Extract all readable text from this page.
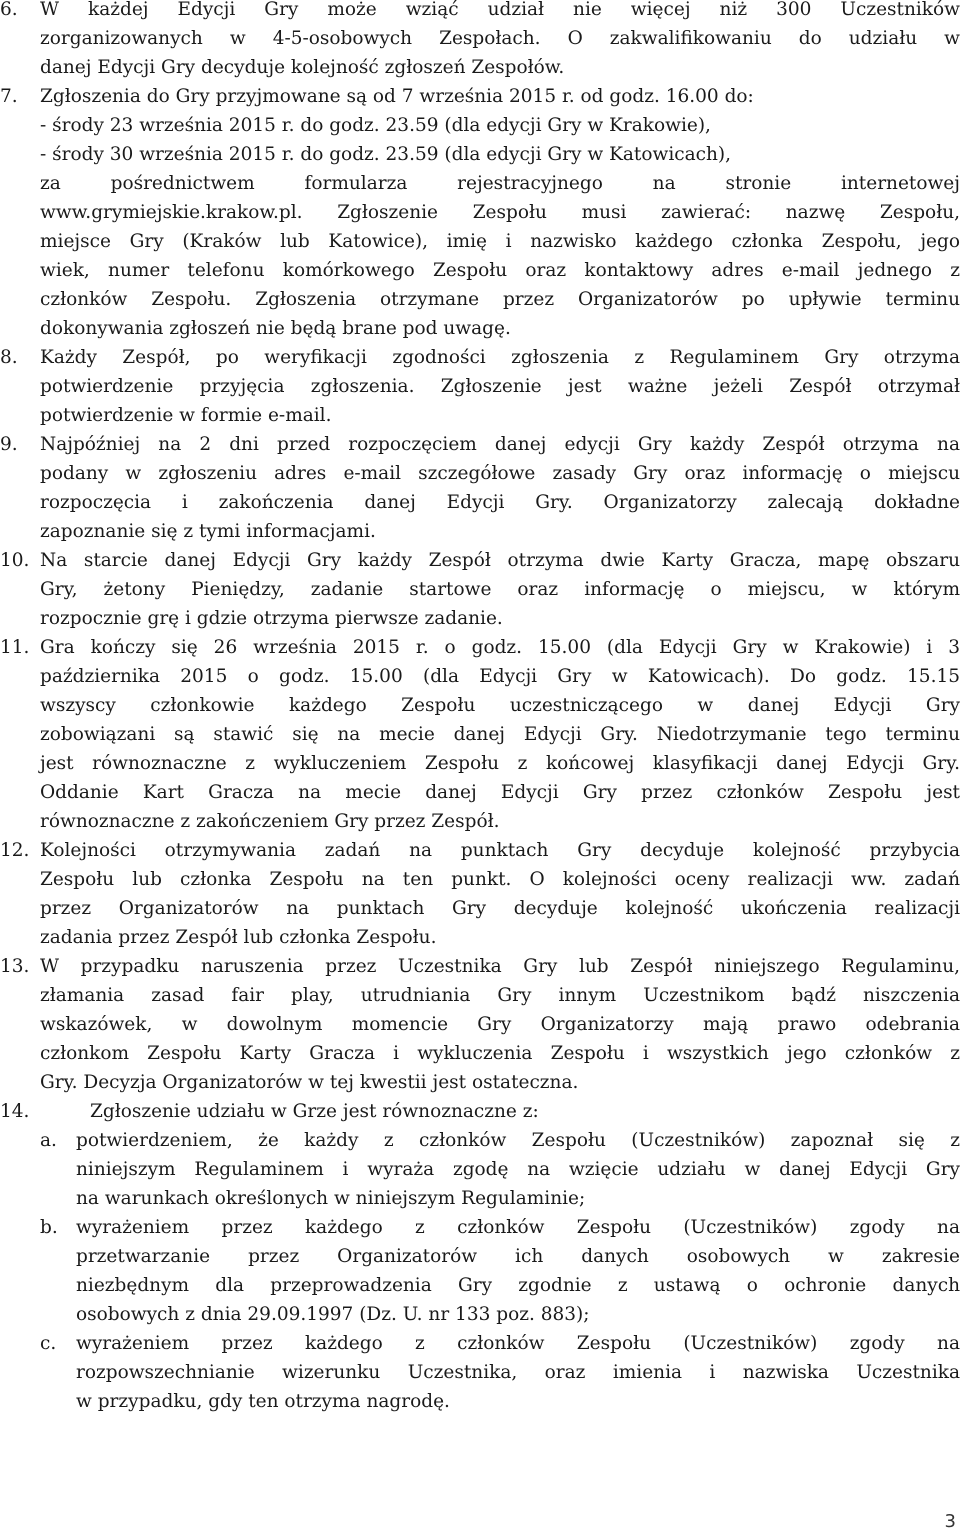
6. W każdej Edycji Gry może wziąć udział nie więcej niż 300 Uczestników
zorganizowanych w 4-5-osobowych Zespołach. O zakwalifikowaniu do udziału w
danej Edycji Gry decyduje kolejność zgłoszeń Zespołów.
7. Zgłoszenia do Gry przyjmowane są od 7 września 2015 r. od godz. 16.00 do:
- środy 23 września 2015 r. do godz. 23.59 (dla edycji Gry w Krakowie),
- środy 30 września 2015 r. do godz. 23.59 (dla edycji Gry w Katowicach),
za pośrednictwem formularza rejestracyjnego na stronie internetowej
www.grymiejskie.krakow.pl. Zgłoszenie Zespołu musi zawierać: nazwę Zespołu,
miejsce Gry (Kraków lub Katowice), imię i nazwisko każdego członka Zespołu, jego
wiek, numer telefonu komórkowego Zespołu oraz kontaktowy adres e-mail jednego z
członków Zespołu. Zgłoszenia otrzymane przez Organizatorów po upływie terminu
dokonywania zgłoszeń nie będą brane pod uwagę.
8. Każdy Zespół, po weryfikacji zgodności zgłoszenia z Regulaminem Gry otrzyma
potwierdzenie przyjęcia zgłoszenia. Zgłoszenie jest ważne jeżeli Zespół otrzymał
potwierdzenie w formie e-mail.
9. Najpóźniej na 2 dni przed rozpoczęciem danej edycji Gry każdy Zespół otrzyma na
podany w zgłoszeniu adres e-mail szczegółowe zasady Gry oraz informację o miejscu
rozpoczęcia i zakończenia danej Edycji Gry. Organizatorzy zalecają dokładne
zapoznanie się z tymi informacjami.
10. Na starcie danej Edycji Gry każdy Zespół otrzyma dwie Karty Gracza, mapę obszaru
Gry, żetony Pieniędzy, zadanie startowe oraz informację o miejscu, w którym
rozpocznie grę i gdzie otrzyma pierwsze zadanie.
11. Gra kończy się 26 września 2015 r. o godz. 15.00 (dla Edycji Gry w Krakowie) i 3
października 2015 o godz. 15.00 (dla Edycji Gry w Katowicach). Do godz. 15.15
wszyscy członkowie każdego Zespołu uczestniczącego w danej Edycji Gry
zobowiązani są stawić się na mecie danej Edycji Gry. Niedotrzymanie tego terminu
jest równoznaczne z wykluczeniem Zespołu z końcowej klasyfikacji danej Edycji Gry.
Oddanie Kart Gracza na mecie danej Edycji Gry przez członków Zespołu jest
równoznaczne z zakończeniem Gry przez Zespół.
12. Kolejności otrzymywania zadań na punktach Gry decyduje kolejność przybycia
Zespołu lub członka Zespołu na ten punkt. O kolejności oceny realizacji ww. zadań
przez Organizatorów na punktach Gry decyduje kolejność ukończenia realizacji
zadania przez Zespół lub członka Zespołu.
13. W przypadku naruszenia przez Uczestnika Gry lub Zespół niniejszego Regulaminu,
złamania zasad fair play, utrudniania Gry innym Uczestnikom bądź niszczenia
wskazówek, w dowolnym momencie Gry Organizatorzy mają prawo odebrania
członkom Zespołu Karty Gracza i wykluczenia Zespołu i wszystkich jego członków z
Gry. Decyzja Organizatorów w tej kwestii jest ostateczna.
14.	Zgłoszenie udziału w Grze jest równoznaczne z:
a. potwierdzeniem, że każdy z członków Zespołu (Uczestników) zapoznał się z
niniejszym Regulaminem i wyraża zgodę na wzięcie udziału w danej Edycji Gry
na warunkach określonych w niniejszym Regulaminie;
b. wyrażeniem przez każdego z członków Zespołu (Uczestników) zgody na
przetwarzanie przez Organizatorów ich danych osobowych w zakresie
niezbędnym dla przeprowadzenia Gry zgodnie z ustawą o ochronie danych
osobowych z dnia 29.09.1997 (Dz. U. nr 133 poz. 883);
c. wyrażeniem przez każdego z członków Zespołu (Uczestników) zgody na
rozpowszechnianie wizerunku Uczestnika, oraz imienia i nazwiska Uczestnika
w przypadku, gdy ten otrzyma nagrodę.
3
